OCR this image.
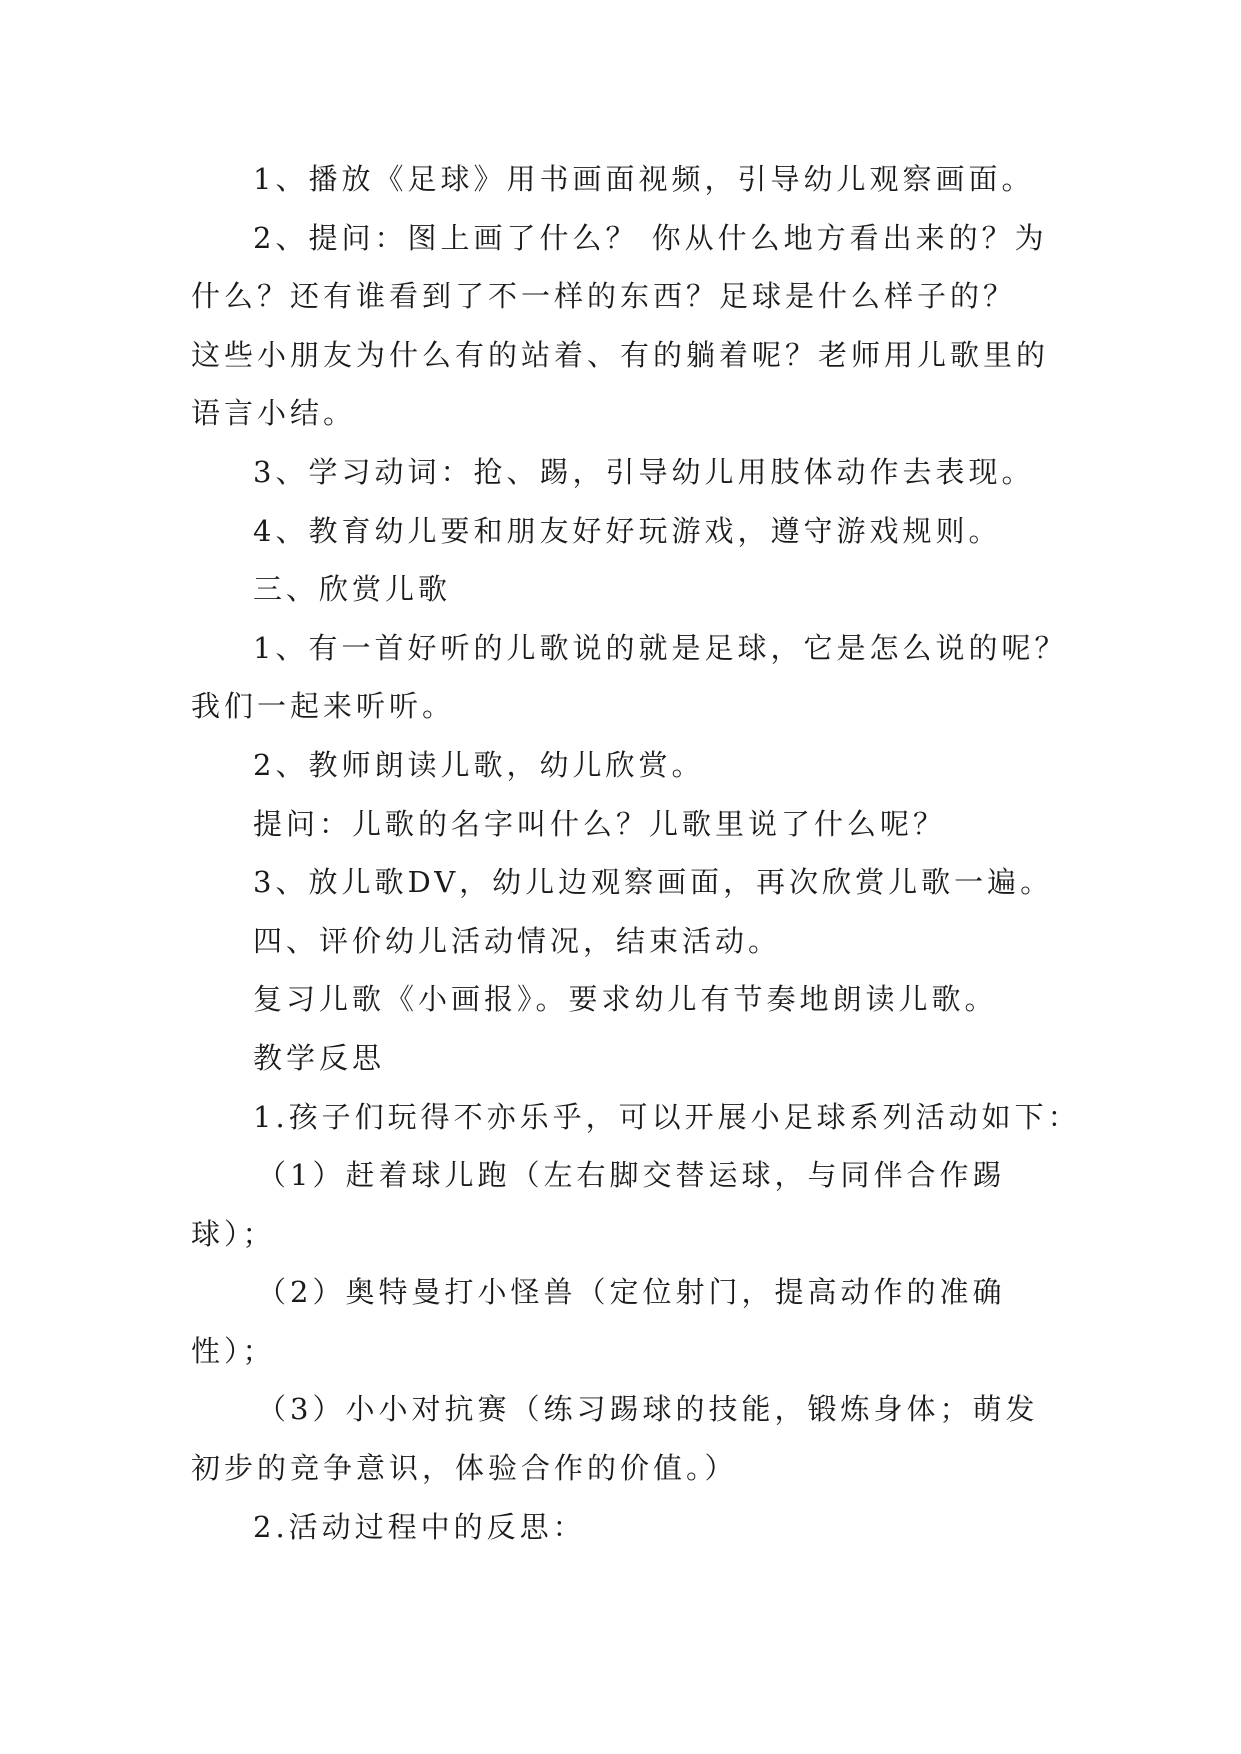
1、播放《足球》用书画面视频，引导幼儿观察画面。
2、提问：图上画了什么？ 你从什么地方看出来的？为
什么？还有谁看到了不一样的东西？足球是什么样子的？
这些小朋友为什么有的站着、有的躺着呢？老师用儿歌里的
语言小结。
3、学习动词：抢、踢，引导幼儿用肢体动作去表现。
4、教育幼儿要和朋友好好玩游戏，遵守游戏规则。
三、欣赏儿歌
1、有一首好听的儿歌说的就是足球，它是怎么说的呢？
我们一起来听听。
2、教师朗读儿歌，幼儿欣赏。
提问：儿歌的名字叫什么？儿歌里说了什么呢？
3、放儿歌DV，幼儿边观察画面，再次欣赏儿歌一遍。
四、评价幼儿活动情况，结束活动。
复习儿歌《小画报》。要求幼儿有节奏地朗读儿歌。
教学反思
1.孩子们玩得不亦乐乎，可以开展小足球系列活动如下：
（1）赶着球儿跑（左右脚交替运球，与同伴合作踢
球）；
（2）奥特曼打小怪兽（定位射门，提高动作的准确
性）；
（3）小小对抗赛（练习踢球的技能，锻炼身体；萌发
初步的竞争意识，体验合作的价值。）
2.活动过程中的反思：
